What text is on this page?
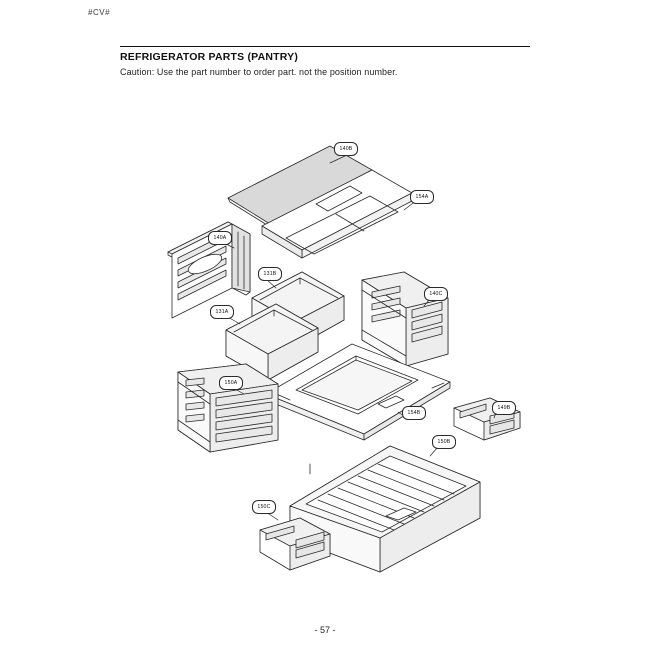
#CV#
REFRIGERATOR PARTS (PANTRY)
Caution: Use the part number to order part. not the position number.
140B
154A
140A
131B
131A
140C
150A
154B
149B
150B
150C
- 57 -
